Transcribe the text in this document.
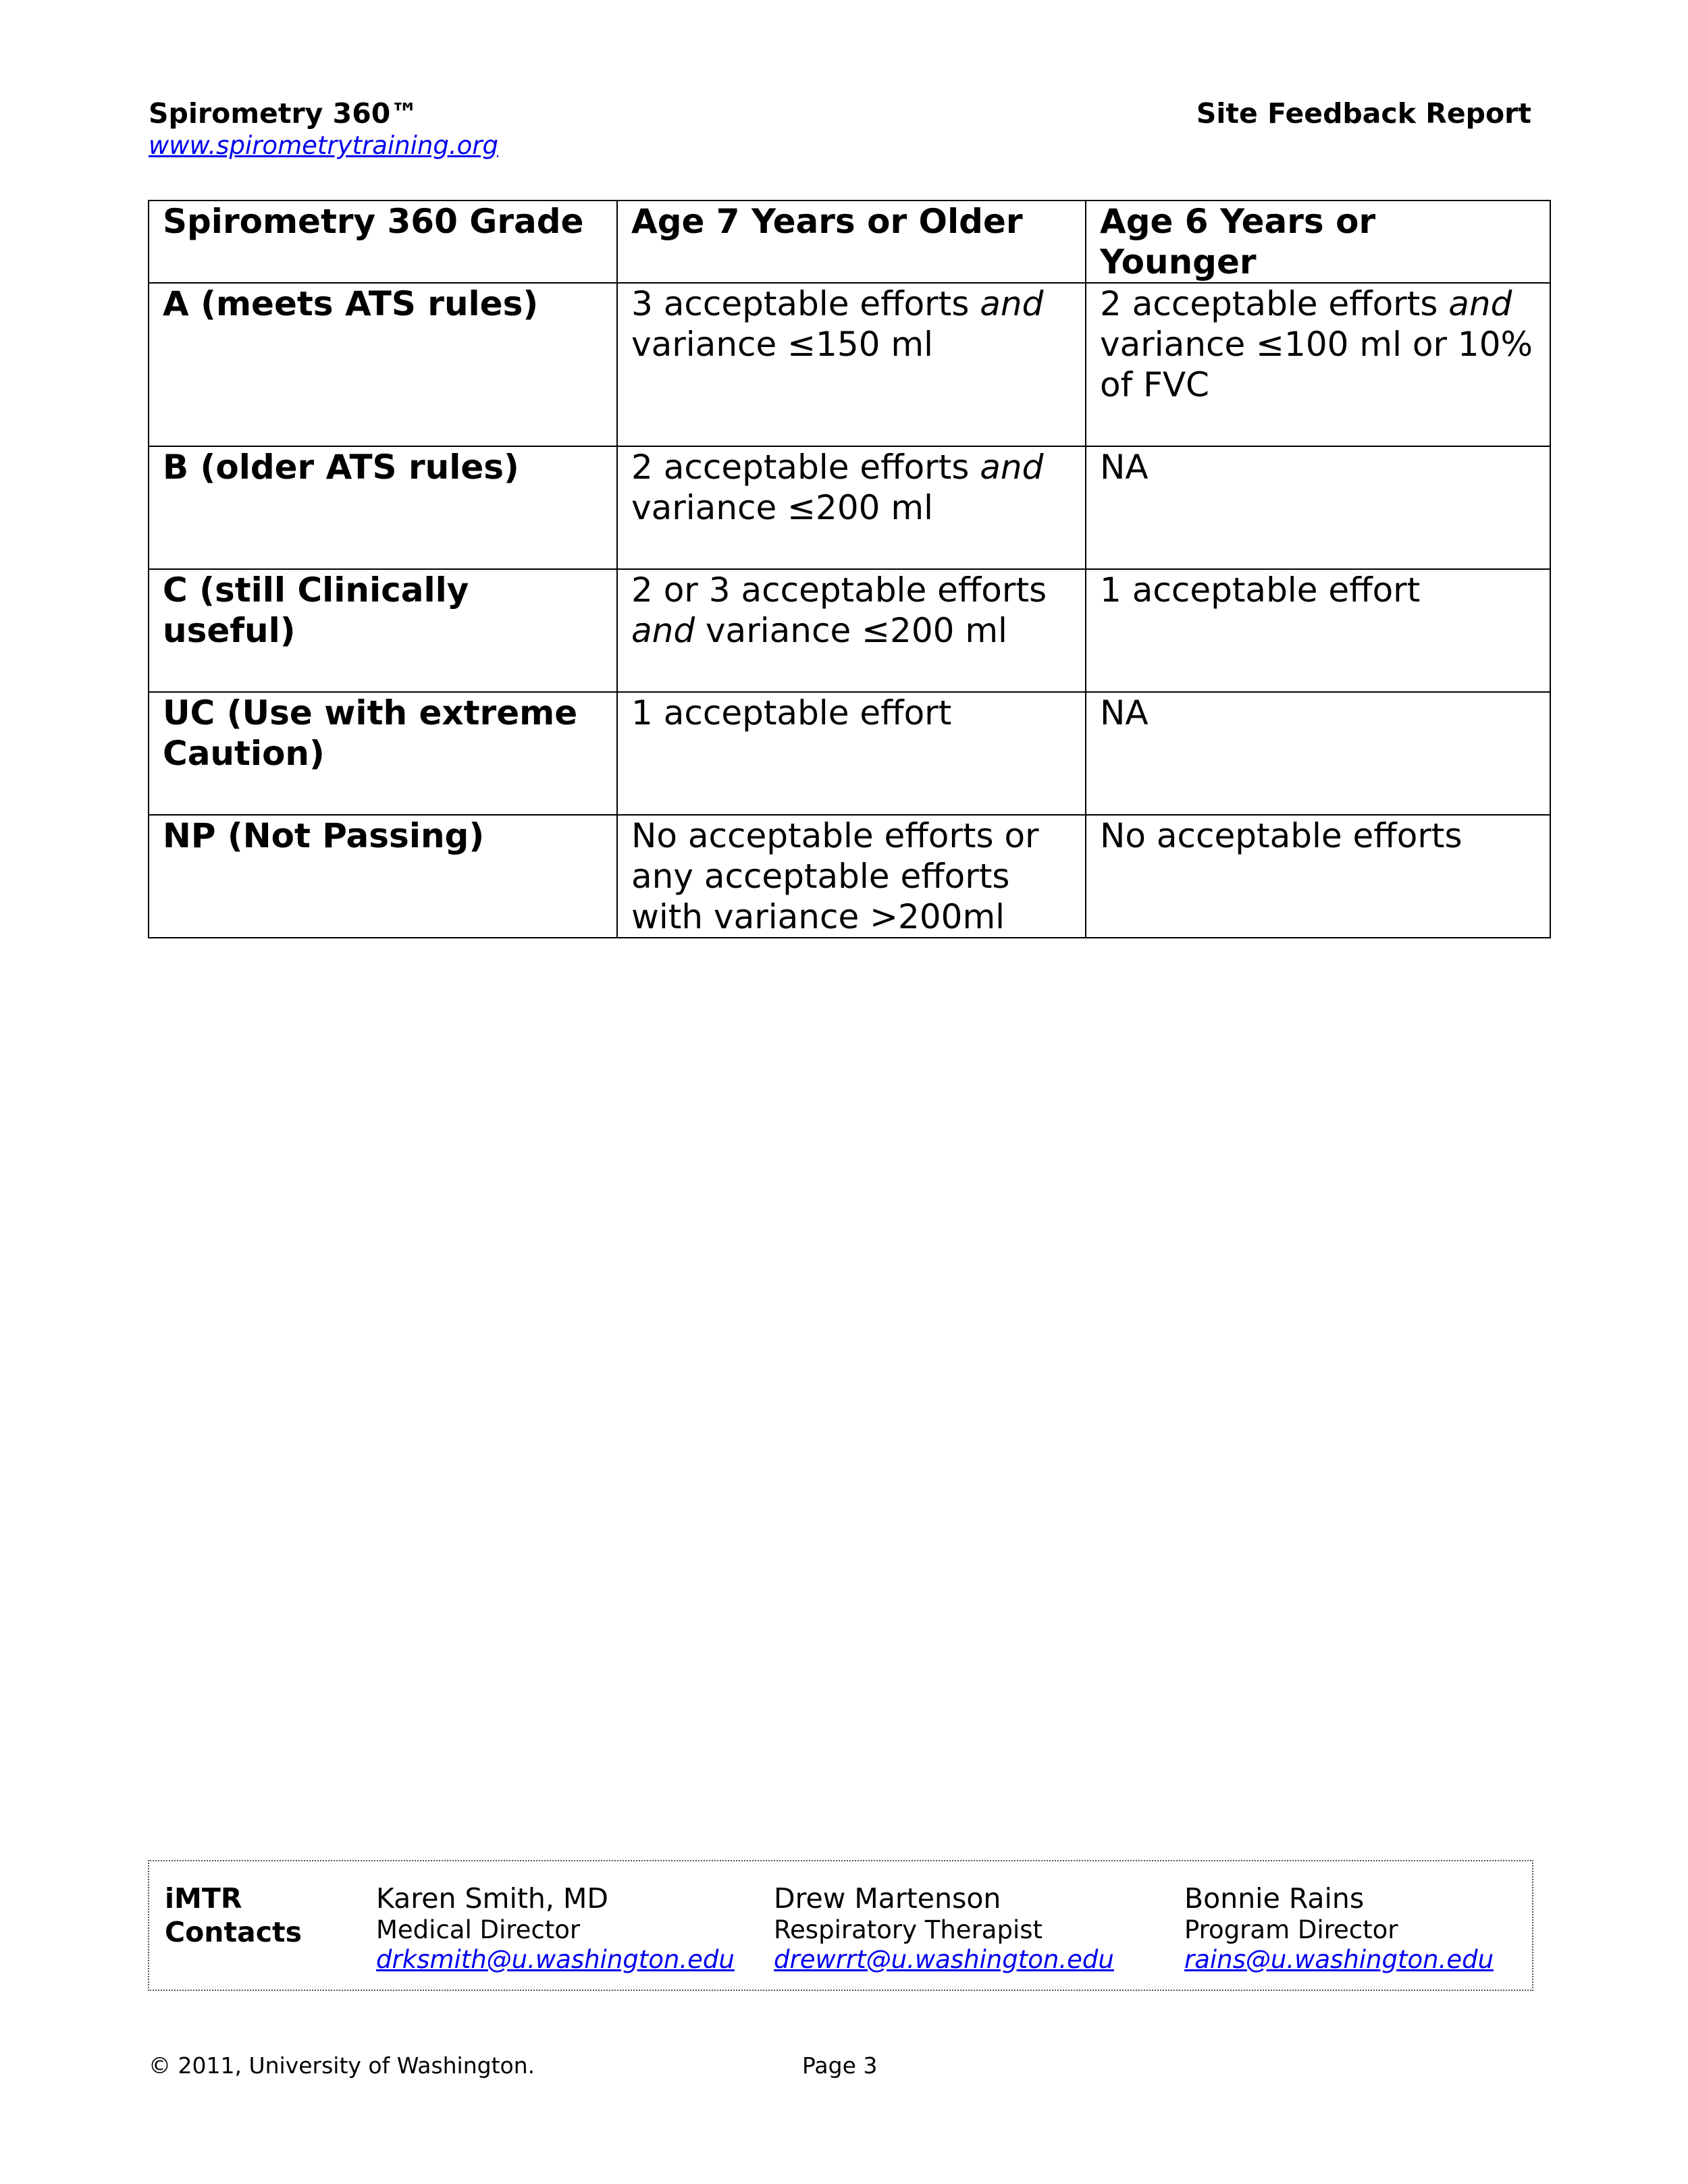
Spirometry 360™
www.spirometrytraining.org
Site Feedback Report
Spirometry 360 Grade	Age 7 Years or Older	Age 6 Years or Younger

A (meets ATS rules)	3 acceptable efforts and variance ≤150 ml	2 acceptable efforts and variance ≤100 ml or 10% of FVC

B (older ATS rules)	2 acceptable efforts and variance ≤200 ml	NA

C (still Clinically useful)	2 or 3 acceptable efforts and variance ≤200 ml	1 acceptable effort

UC (Use with extreme Caution)	1 acceptable effort	NA

NP (Not Passing)	No acceptable efforts or any acceptable efforts with variance >200ml	No acceptable efforts
iMTR Contacts
Karen Smith, MD
Medical Director
drksmith@u.washington.edu
Drew Martenson
Respiratory Therapist
drewrrt@u.washington.edu
Bonnie Rains
Program Director
rains@u.washington.edu
© 2011, University of Washington.	Page 3
